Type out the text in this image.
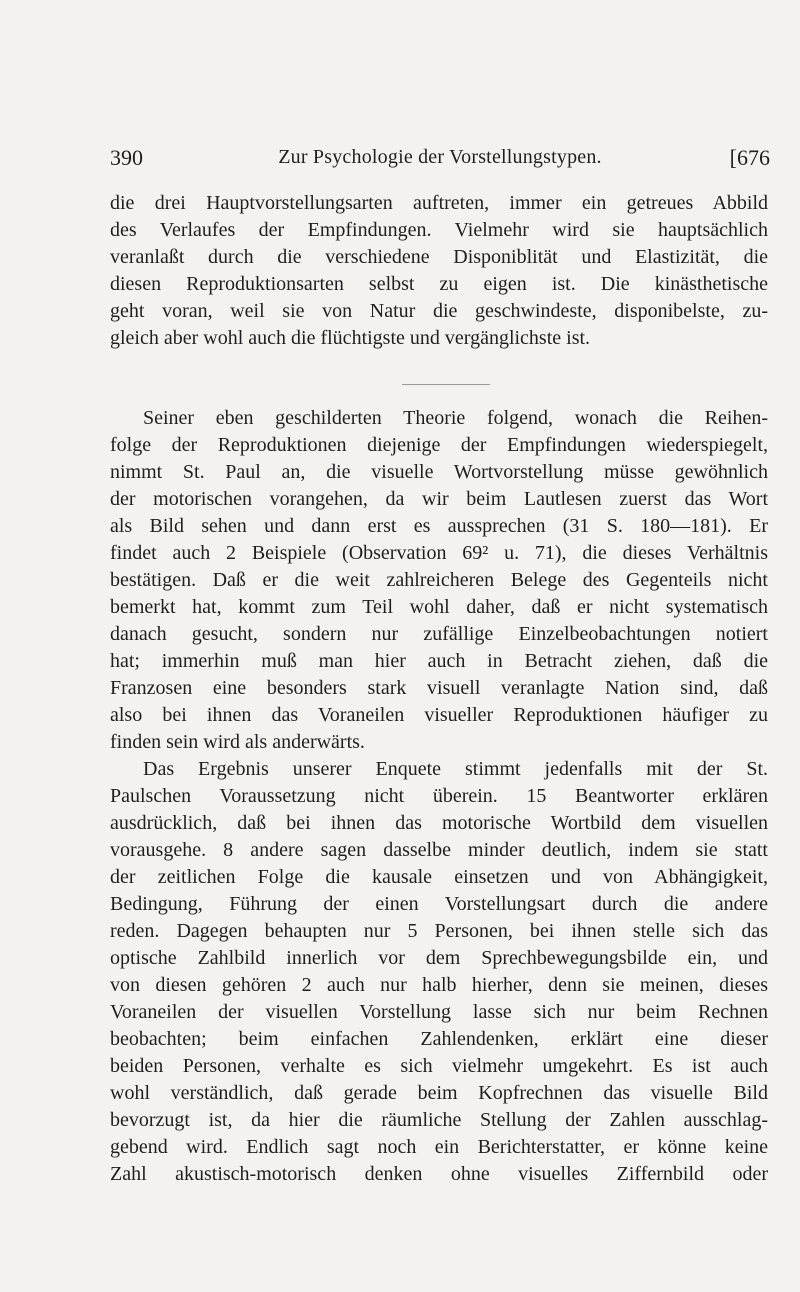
390	Zur Psychologie der Vorstellungstypen.	[676
die drei Hauptvorstellungsarten auftreten, immer ein getreues Abbild
des Verlaufes der Empfindungen. Vielmehr wird sie hauptsächlich
veranlaßt durch die verschiedene Disponiblität und Elastizität, die
diesen Reproduktionsarten selbst zu eigen ist. Die kinästhetische
geht voran, weil sie von Natur die geschwindeste, disponibelste, zu-
gleich aber wohl auch die flüchtigste und vergänglichste ist.
Seiner eben geschilderten Theorie folgend, wonach die Reihen-
folge der Reproduktionen diejenige der Empfindungen wiederspiegelt,
nimmt St. Paul an, die visuelle Wortvorstellung müsse gewöhnlich
der motorischen vorangehen, da wir beim Lautlesen zuerst das Wort
als Bild sehen und dann erst es aussprechen (31 S. 180—181). Er
findet auch 2 Beispiele (Observation 69² u. 71), die dieses Verhältnis
bestätigen. Daß er die weit zahlreicheren Belege des Gegenteils nicht
bemerkt hat, kommt zum Teil wohl daher, daß er nicht systematisch
danach gesucht, sondern nur zufällige Einzelbeobachtungen notiert
hat; immerhin muß man hier auch in Betracht ziehen, daß die
Franzosen eine besonders stark visuell veranlagte Nation sind, daß
also bei ihnen das Voraneilen visueller Reproduktionen häufiger zu
finden sein wird als anderwärts.
Das Ergebnis unserer Enquete stimmt jedenfalls mit der St.
Paulschen Voraussetzung nicht überein. 15 Beantworter erklären
ausdrücklich, daß bei ihnen das motorische Wortbild dem visuellen
vorausgehe. 8 andere sagen dasselbe minder deutlich, indem sie statt
der zeitlichen Folge die kausale einsetzen und von Abhängigkeit,
Bedingung, Führung der einen Vorstellungsart durch die andere
reden. Dagegen behaupten nur 5 Personen, bei ihnen stelle sich das
optische Zahlbild innerlich vor dem Sprechbewegungsbilde ein, und
von diesen gehören 2 auch nur halb hierher, denn sie meinen, dieses
Voraneilen der visuellen Vorstellung lasse sich nur beim Rechnen
beobachten; beim einfachen Zahlendenken, erklärt eine dieser
beiden Personen, verhalte es sich vielmehr umgekehrt. Es ist auch
wohl verständlich, daß gerade beim Kopfrechnen das visuelle Bild
bevorzugt ist, da hier die räumliche Stellung der Zahlen ausschlag-
gebend wird. Endlich sagt noch ein Berichterstatter, er könne keine
Zahl akustisch-motorisch denken ohne visuelles Ziffernbild oder
